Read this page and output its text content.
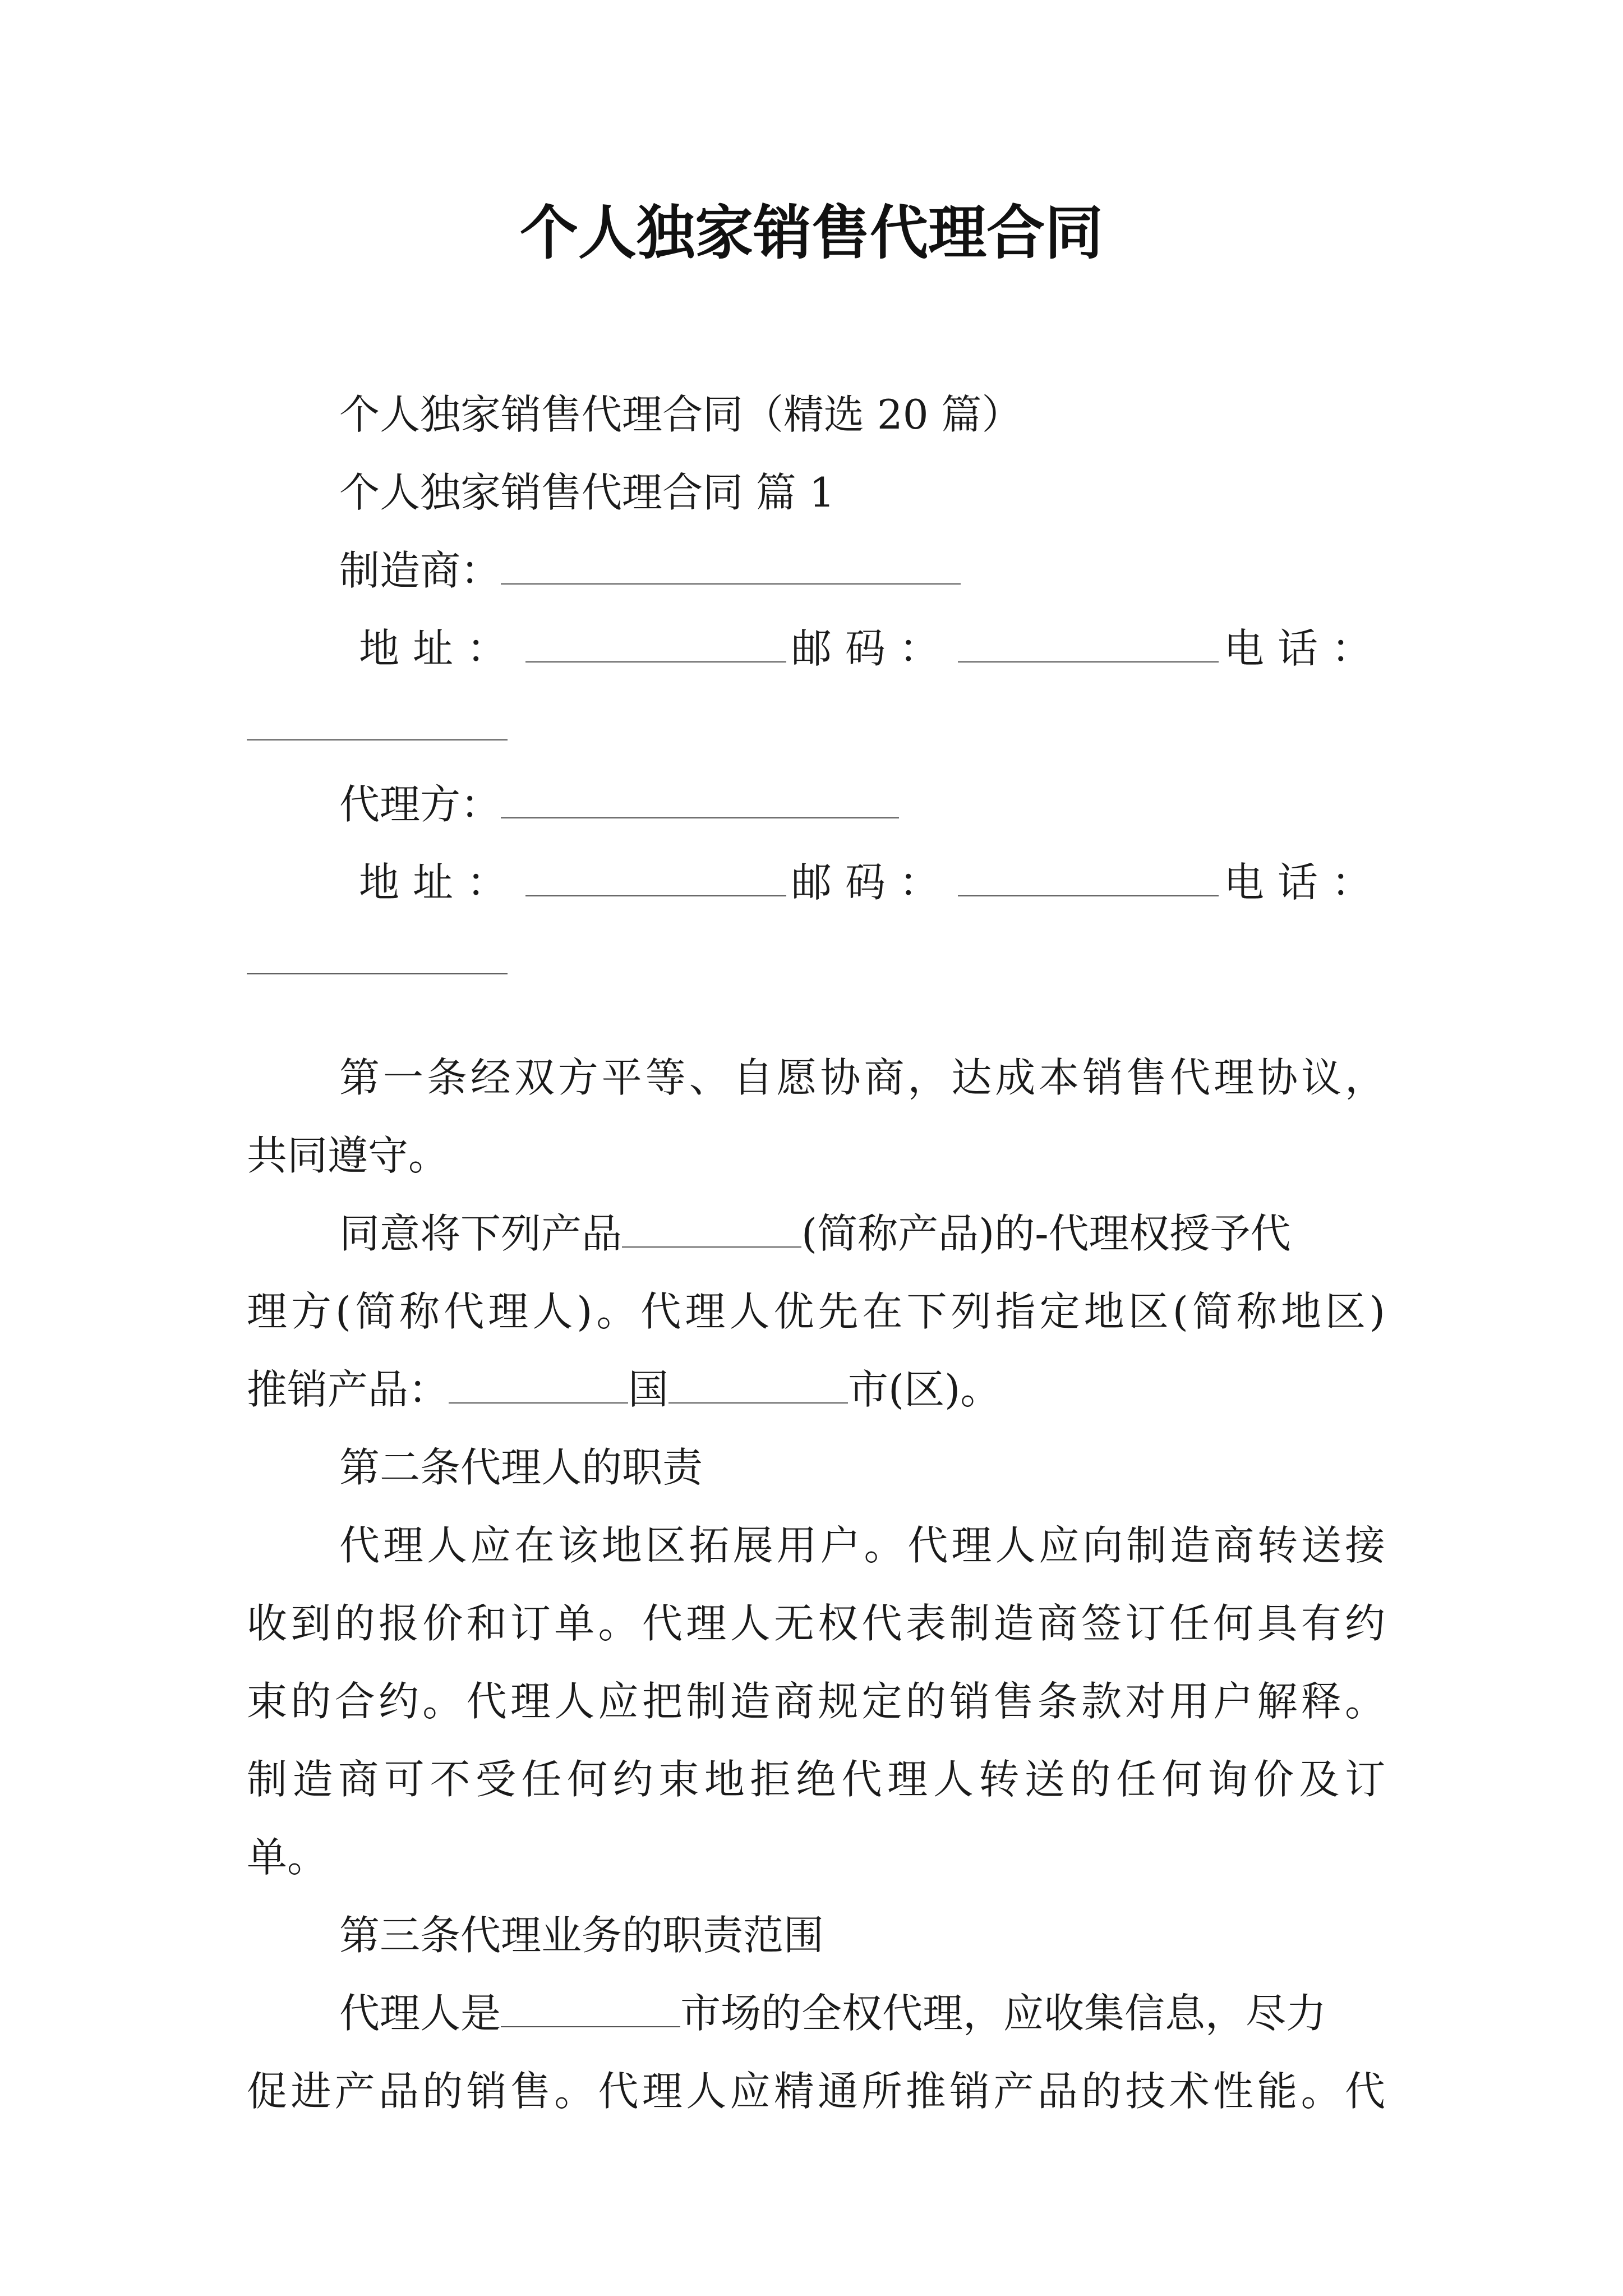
个人独家销售代理合同
个人独家销售代理合同（精选 20 篇）
个人独家销售代理合同 篇 1
制造商：
地址：	邮码：	电话：
代理方：
地址：	邮码：	电话：
第一条经双方平等、自愿协商，达成本销售代理协议，
共同遵守。
同意将下列产品	(简称产品)的-代理权授予代
理方(简称代理人)。代理人优先在下列指定地区(简称地区)
推销产品：	国	市(区)。
第二条代理人的职责
代理人应在该地区拓展用户。代理人应向制造商转送接
收到的报价和订单。代理人无权代表制造商签订任何具有约
束的合约。代理人应把制造商规定的销售条款对用户解释。
制造商可不受任何约束地拒绝代理人转送的任何询价及订
单。
第三条代理业务的职责范围
代理人是	市场的全权代理，应收集信息，尽力
促进产品的销售。代理人应精通所推销产品的技术性能。代
